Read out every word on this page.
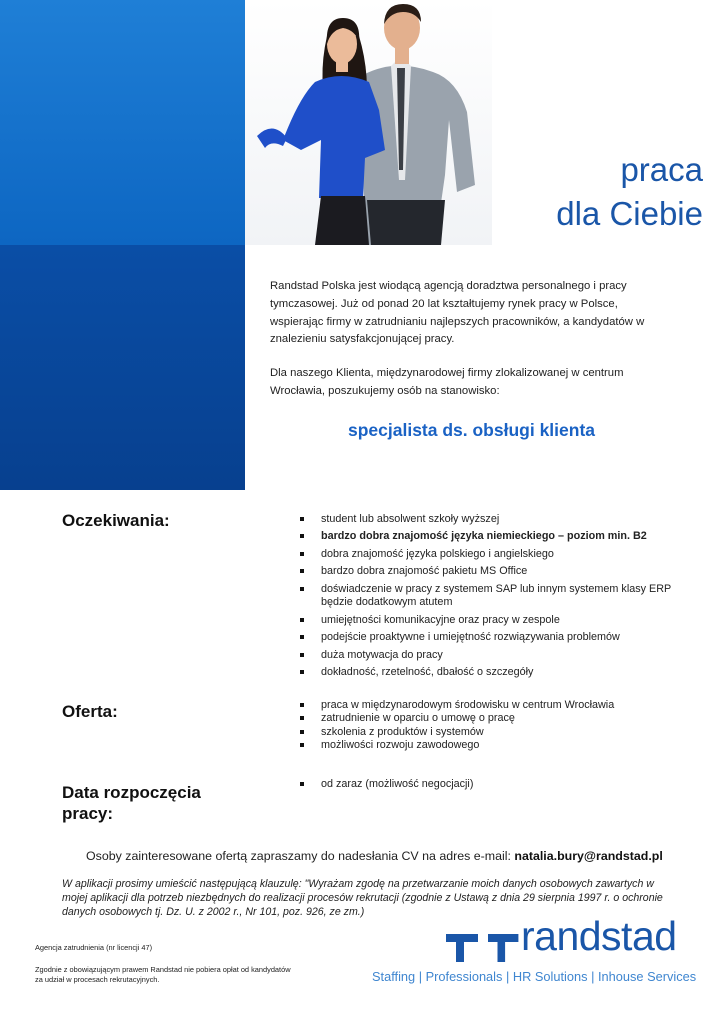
praca
dla Ciebie

Randstad Polska jest wiodącą agencją doradztwa personalnego i pracy tymczasowej. Już od ponad 20 lat kształtujemy rynek pracy w Polsce, wspierając firmy w zatrudnianiu najlepszych pracowników, a kandydatów w znalezieniu satysfakcjonującej pracy.

Dla naszego Klienta, międzynarodowej firmy zlokalizowanej w centrum Wrocławia, poszukujemy osób na stanowisko:

specjalista ds. obsługi klienta
Oczekiwania:	student lub absolwent szkoły wyższej
bardzo dobra znajomość języka niemieckiego – poziom min. B2
dobra znajomość języka polskiego i angielskiego
bardzo dobra znajomość pakietu MS Office
doświadczenie w pracy z systemem SAP lub innym systemem klasy ERP będzie dodatkowym atutem
umiejętności komunikacyjne oraz pracy w zespole
podejście proaktywne i umiejętność rozwiązywania problemów
duża motywacja do pracy
dokładność, rzetelność, dbałość o szczegóły
Oferta:	praca w międzynarodowym środowisku w centrum Wrocławia
zatrudnienie w oparciu o umowę o pracę
szkolenia z produktów i systemów
możliwości rozwoju zawodowego
Data rozpoczęcia
pracy:
od zaraz (możliwość negocjacji)
Osoby zainteresowane ofertą zapraszamy do nadesłania CV na adres e-mail: natalia.bury@randstad.pl
W aplikacji prosimy umieścić następującą klauzulę: "Wyrażam zgodę na przetwarzanie moich danych osobowych zawartych w mojej aplikacji dla potrzeb niezbędnych do realizacji procesów rekrutacji (zgodnie z Ustawą z dnia 29 sierpnia 1997 r. o ochronie danych osobowych tj. Dz. U. z 2002 r., Nr 101, poz. 926, ze zm.)
Agencja zatrudnienia (nr licencji 47)
Zgodnie z obowiązującym prawem Randstad nie pobiera opłat od kandydatów za udział w procesach rekrutacyjnych.
randstad
Staffing | Professionals | HR Solutions | Inhouse Services
